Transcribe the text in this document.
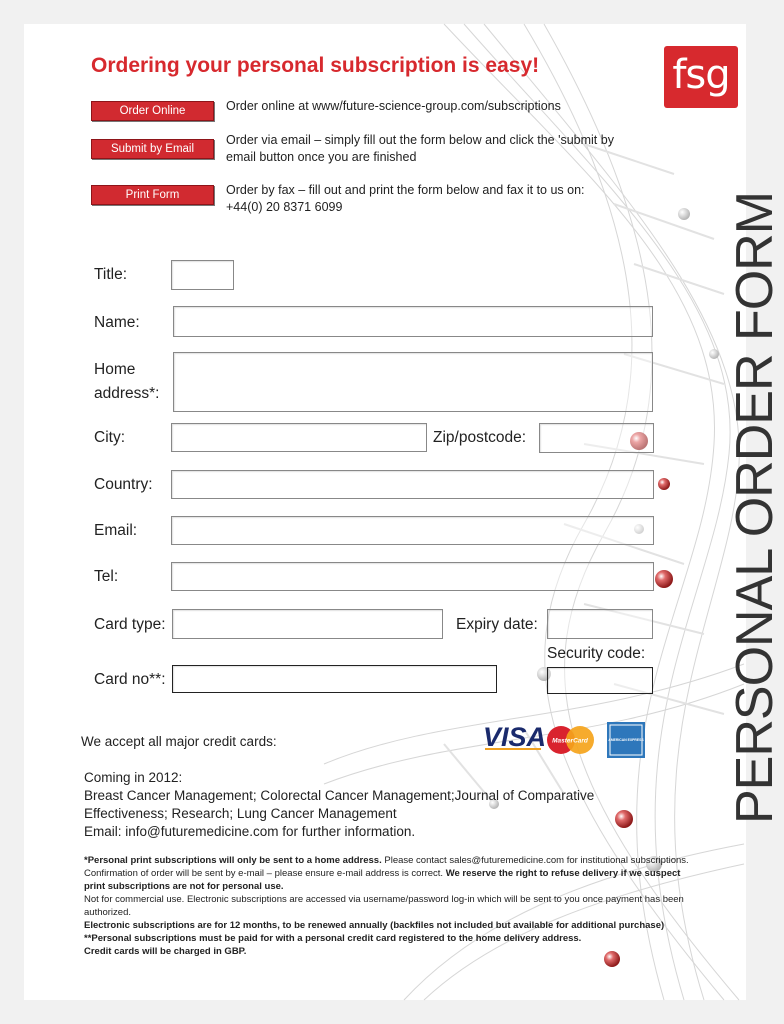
fsg
PERSONAL ORDER FORM
Ordering your personal subscription is easy!
Order Online
Submit by Email
Print Form
Order online at www/future-science-group.com/subscriptions
Order via email – simply fill out the form below and click the 'submit by
email button once you are finished
Order by fax – fill out and print the form below and fax it to us on:
+44(0) 20 8371 6099
Title:
Name:
Home
address*:
City:	Zip/postcode:
Country:
Email:
Tel:
Card type:	Expiry date:
Security code:
Card no**:
We accept all major credit cards:	VISA MasterCard	AMERICAN EXPRESS
Coming in 2012:
Breast Cancer Management; Colorectal Cancer Management;Journal of Comparative
Effectiveness; Research; Lung Cancer Management
Email: info@futuremedicine.com for further information.

*Personal print subscriptions will only be sent to a home address. Please contact sales@futuremedicine.com for institutional subscriptions.

Confirmation of order will be sent by e-mail – please ensure e-mail address is correct. We reserve the right to refuse delivery if we suspect print subscriptions are not for personal use.

Not for commercial use. Electronic subscriptions are accessed via username/password log-in which will be sent to you once payment has been authorized.

Electronic subscriptions are for 12 months, to be renewed annually (backfiles not included but available for additional purchase)

**Personal subscriptions must be paid for with a personal credit card registered to the home delivery address.

Credit cards will be charged in GBP.
